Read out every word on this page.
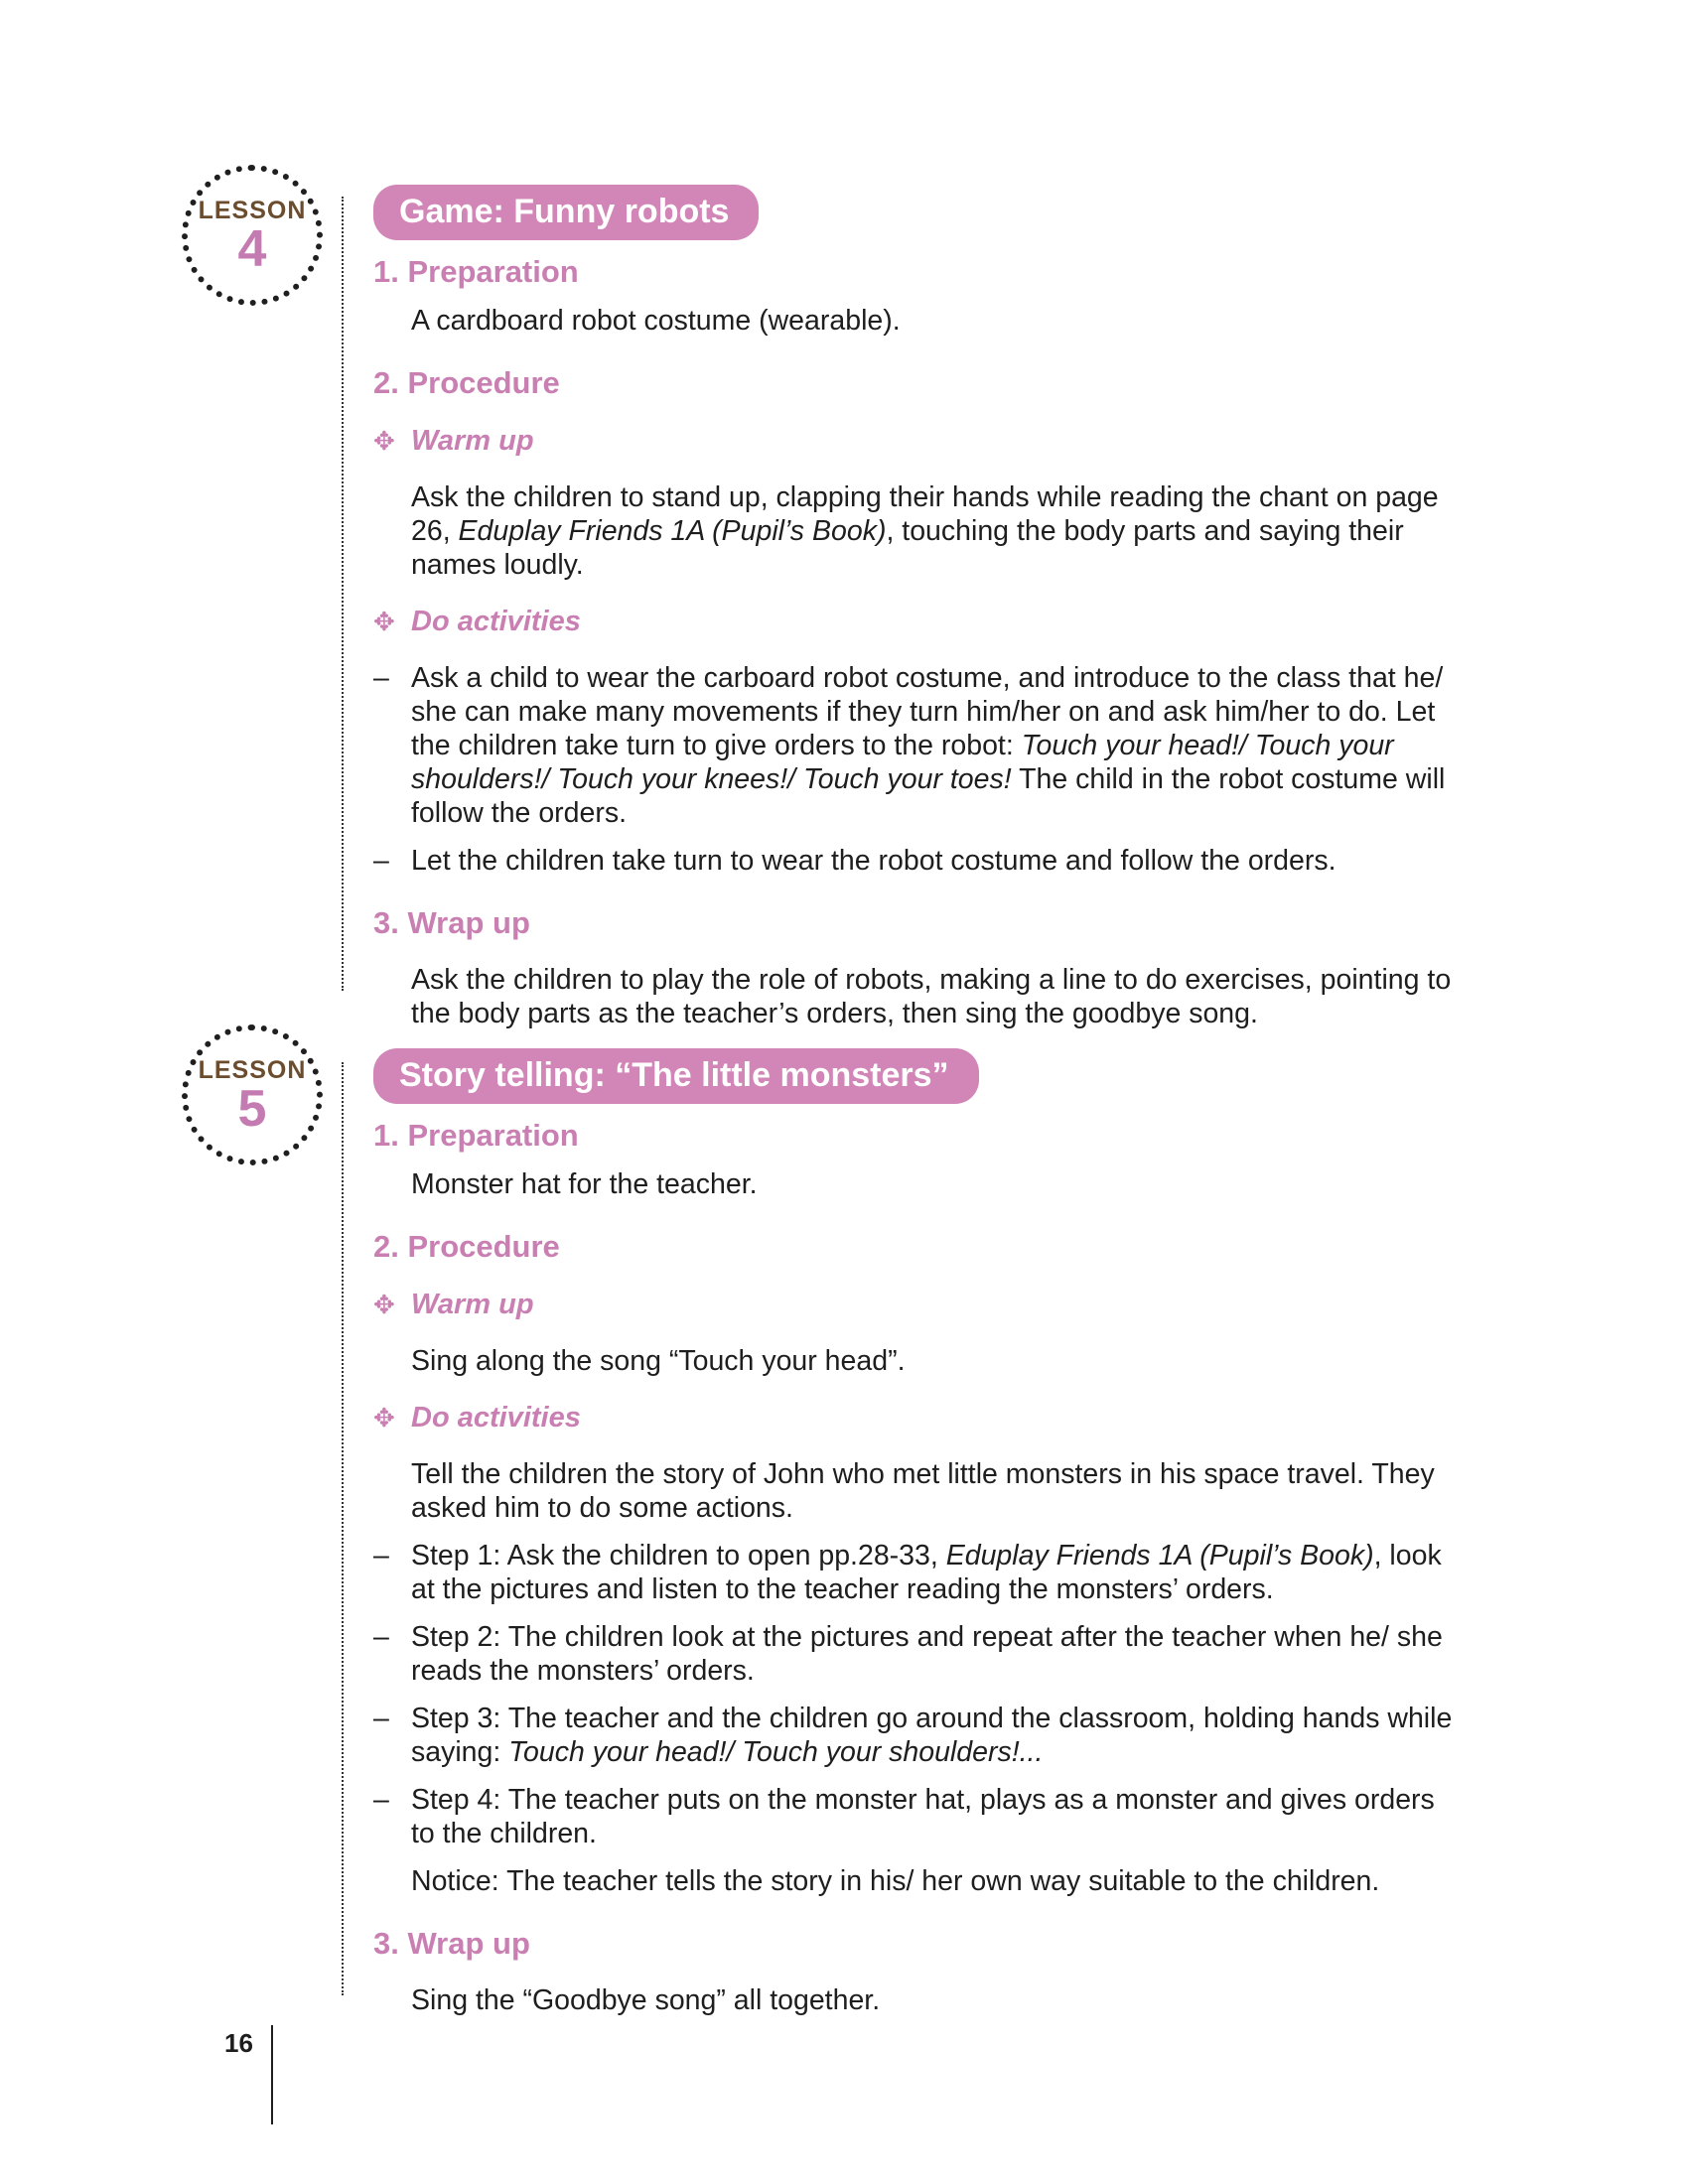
LESSON
4
Game: Funny robots
1. Preparation

A cardboard robot costume (wearable).

2. Procedure
✥ Warm up

Ask the children to stand up, clapping their hands while reading the chant on page 26, Eduplay Friends 1A (Pupil’s Book), touching the body parts and saying their names loudly.

✥ Do activities
– Ask a child to wear the carboard robot costume, and introduce to the class that he/ she can make many movements if they turn him/her on and ask him/her to do. Let the children take turn to give orders to the robot: Touch your head!/ Touch your shoulders!/ Touch your knees!/ Touch your toes! The child in the robot costume will follow the orders.
– Let the children take turn to wear the robot costume and follow the orders.
3. Wrap up

Ask the children to play the role of robots, making a line to do exercises, pointing to the body parts as the teacher’s orders, then sing the goodbye song.

LESSON
5
Story telling: “The little monsters”
1. Preparation

Monster hat for the teacher.

2. Procedure
✥ Warm up

Sing along the song “Touch your head”.

✥ Do activities

Tell the children the story of John who met little monsters in his space travel. They asked him to do some actions.

– Step 1: Ask the children to open pp.28-33, Eduplay Friends 1A (Pupil’s Book), look at the pictures and listen to the teacher reading the monsters’ orders.
– Step 2: The children look at the pictures and repeat after the teacher when he/ she reads the monsters’ orders.
– Step 3: The teacher and the children go around the classroom, holding hands while saying: Touch your head!/ Touch your shoulders!...
– Step 4: The teacher puts on the monster hat, plays as a monster and gives orders to the children.

Notice: The teacher tells the story in his/ her own way suitable to the children.

3. Wrap up

Sing the “Goodbye song” all together.

16
